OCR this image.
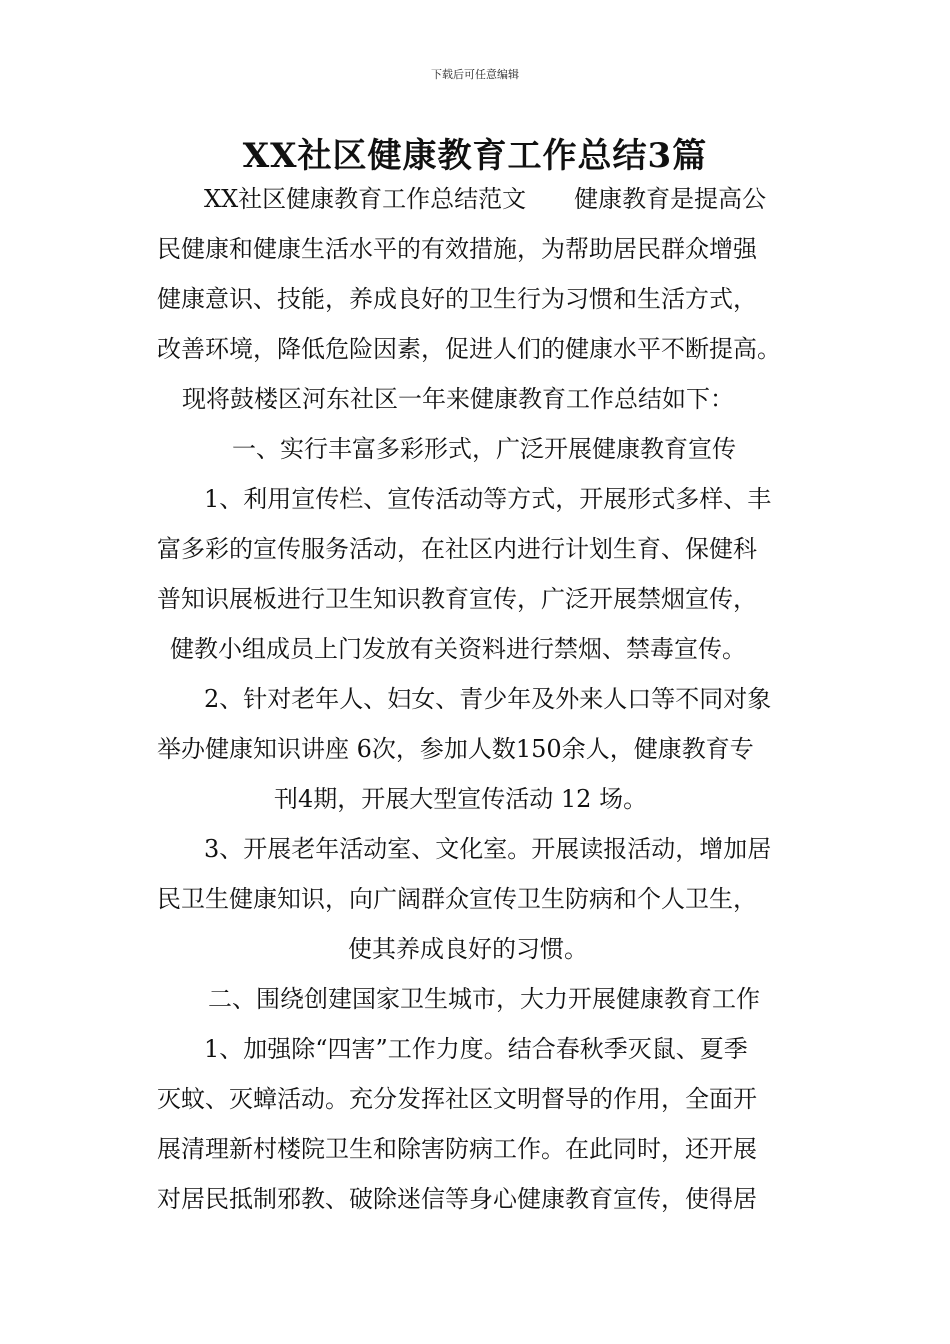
下载后可任意编辑
XX社区健康教育工作总结3篇

XX社区健康教育工作总结范文　　健康教育是提高公

民健康和健康生活水平的有效措施，为帮助居民群众增强

健康意识、技能，养成良好的卫生行为习惯和生活方式，

改善环境，降低危险因素，促进人们的健康水平不断提高。

现将鼓楼区河东社区一年来健康教育工作总结如下：

一、实行丰富多彩形式，广泛开展健康教育宣传

1、利用宣传栏、宣传活动等方式，开展形式多样、丰

富多彩的宣传服务活动，在社区内进行计划生育、保健科

普知识展板进行卫生知识教育宣传，广泛开展禁烟宣传，

健教小组成员上门发放有关资料进行禁烟、禁毒宣传。

2、针对老年人、妇女、青少年及外来人口等不同对象

举办健康知识讲座 6次，参加人数150余人，健康教育专

刊4期，开展大型宣传活动 12 场。

3、开展老年活动室、文化室。开展读报活动，增加居

民卫生健康知识，向广阔群众宣传卫生防病和个人卫生，

使其养成良好的习惯。

二、围绕创建国家卫生城市，大力开展健康教育工作

1、加强除“四害”工作力度。结合春秋季灭鼠、夏季

灭蚊、灭蟑活动。充分发挥社区文明督导的作用，全面开

展清理新村楼院卫生和除害防病工作。在此同时，还开展

对居民抵制邪教、破除迷信等身心健康教育宣传，使得居
